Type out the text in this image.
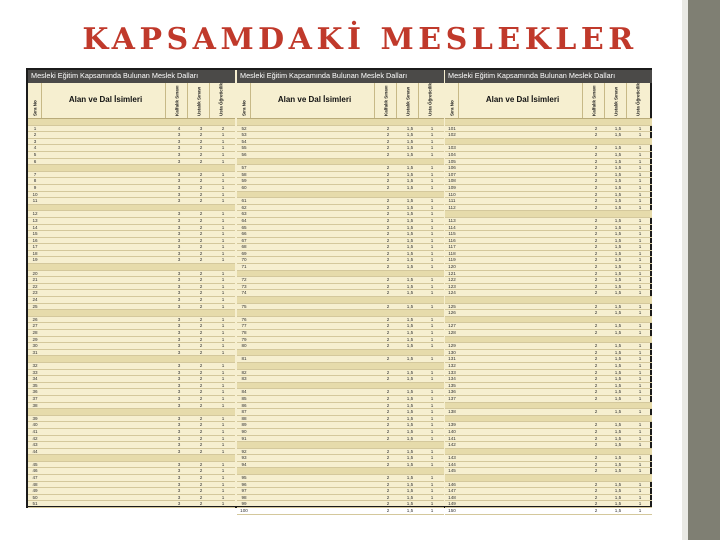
KAPSAMDAKİ MESLEKLER
Mesleki Eğitim Kapsamında Bulunan Meslek Dalları
Sıra No
Alan ve Dal İsimleri	Kalfalık Sınavı	Ustalık Sınavı	Usta Öğreticilik
1	4	3	2
2	3	2	1
3	3	2	1
4	3	2	1
5	3	2	1
6	3	2	1
7	3	2	1
8	3	2	1
9	3	2	1
10	3	2	1
11	3	2	1
12	3	2	1
13	3	2	1
14	3	2	1
15	3	2	1
16	3	2	1
17	3	2	1
18	3	2	1
19	3	2	1
20	3	2	1
21	3	2	1
22	3	2	1
23	3	2	1
24	3	2	1
25	3	2	1
26	3	2	1
27	3	2	1
28	3	2	1
29	3	2	1
30	3	2	1
31	3	2	1
32	3	2	1
33	3	2	1
34	3	2	1
35	3	2	1
36	3	2	1
37	3	2	1
38	3	2	1
39	3	2	1
40	3	2	1
41	3	2	1
42	3	2	1
43	3	2	1
44	3	2	1
45	3	2	1
46	3	2	1
47	3	2	1
48	3	2	1
49	3	2	1
50	3	2	1
51	3	2	1
Mesleki Eğitim Kapsamında Bulunan Meslek Dalları
Sıra No
Alan ve Dal İsimleri	Kalfalık Sınavı	Ustalık Sınavı	Usta Öğreticilik
52	2	1,5	1
53	2	1,5	1
54	2	1,5	1
55	2	1,5	1
56	2	1,5	1
57	2	1,5	1
58	2	1,5	1
59	2	1,5	1
60	2	1,5	1
61	2	1,5	1
62	2	1,5	1
63	2	1,5	1
64	2	1,5	1
65	2	1,5	1
66	2	1,5	1
67	2	1,5	1
68	2	1,5	1
69	2	1,5	1
70	2	1,5	1
71	2	1,5	1
72	2	1,5	1
73	2	1,5	1
74	2	1,5	1
75	2	1,5	1
76	2	1,5	1
77	2	1,5	1
78	2	1,5	1
79	2	1,5	1
80	2	1,5	1
81	2	1,5	1
82	2	1,5	1
83	2	1,5	1
84	2	1,5	1
85	2	1,5	1
86	2	1,5	1
87	2	1,5	1
88	2	1,5	1
89	2	1,5	1
90	2	1,5	1
91	2	1,5	1
92	2	1,5	1
93	2	1,5	1
94	2	1,5	1
95	2	1,5	1
96	2	1,5	1
97	2	1,5	1
98	2	1,5	1
99	2	1,5	1
100	2	1,5	1
Mesleki Eğitim Kapsamında Bulunan Meslek Dalları
Sıra No
Alan ve Dal İsimleri	Kalfalık Sınavı	Ustalık Sınavı	Usta Öğreticilik
101	2	1,5	1
102	2	1,5	1
103	2	1,5	1
104	2	1,5	1
105	2	1,5	1
106	2	1,5	1
107	2	1,5	1
108	2	1,5	1
109	2	1,5	1
110	2	1,5	1
111	2	1,5	1
112	2	1,5	1
113	2	1,5	1
114	2	1,5	1
115	2	1,5	1
116	2	1,5	1
117	2	1,5	1
118	2	1,5	1
119	2	1,5	1
120	2	1,5	1
121	2	1,5	1
122	2	1,5	1
123	2	1,5	1
124	2	1,5	1
125	2	1,5	1
126	2	1,5	1
127	2	1,5	1
128	2	1,5	1
129	2	1,5	1
130	2	1,5	1
131	2	1,5	1
132	2	1,5	1
133	2	1,5	1
134	2	1,5	1
135	2	1,5	1
136	2	1,5	1
137	2	1,5	1
138	2	1,5	1
139	2	1,5	1
140	2	1,5	1
141	2	1,5	1
142	2	1,5	1
143	2	1,5	1
144	2	1,5	1
145	2	1,5	1
146	2	1,5	1
147	2	1,5	1
148	2	1,5	1
149	2	1,5	1
150	2	1,5	1
